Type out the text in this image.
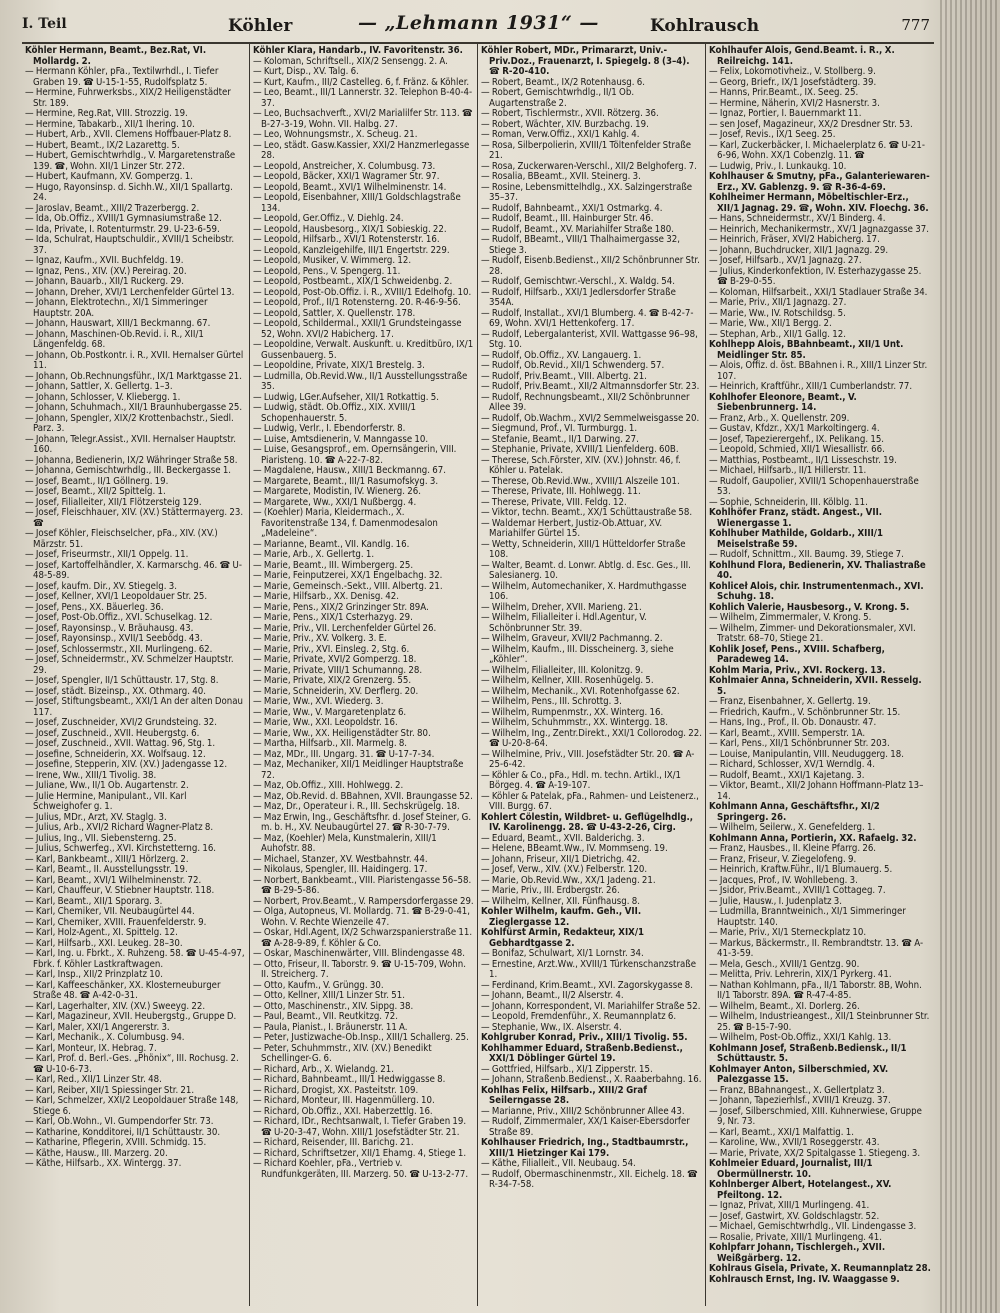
I. Teil	Köhler	— „Lehmann 1931“ —	Kohlrausch	777

Köhler Hermann, Beamt., Bez.Rat, VI. Mollardg. 2.

— Hermann Köhler, pFa., Textilwrhdl., I. Tiefer Graben 19. ☎ U-15-1-55, Rudolfsplatz 5.

— Hermine, Fuhrwerksbs., XIX/2 Heiligenstädter Str. 189.

— Hermine, Reg.Rat, VIII. Strozzig. 19.

— Hermine, Tabakarb., XII/1 Ihering. 10.

— Hubert, Arb., XVII. Clemens Hoffbauer-Platz 8.

— Hubert, Beamt., IX/2 Lazarettg. 5.

— Hubert, Gemischtwrhdlg., V. Margaretenstraße 139. ☎, Wohn. XII/1 Linzer Str. 272.

— Hubert, Kaufmann, XV. Gomperzg. 1.

— Hugo, Rayonsinsp. d. Sichh.W., XII/1 Spallartg. 24.

— Jaroslav, Beamt., XIII/2 Trazerbergg. 2.

— Ida, Ob.Offiz., XVIII/1 Gymnasiumstraße 12.

— Ida, Private, I. Rotenturmstr. 29. U-23-6-59.

— Ida, Schulrat, Hauptschuldir., XVIII/1 Scheibstr. 37.

— Ignaz, Kaufm., XVII. Buchfeldg. 19.

— Ignaz, Pens., XIV. (XV.) Pereirag. 20.

— Johann, Bauarb., XII/1 Ruckerg. 29.

— Johann, Dreher, XVI/1 Lerchenfelder Gürtel 13.

— Johann, Elektrotechn., XI/1 Simmeringer Hauptstr. 20A.

— Johann, Hauswart, XIII/1 Beckmanng. 67.

— Johann, Maschinen-Ob.Revid. i. R., XII/1 Längenfeldg. 68.

— Johann, Ob.Postkontr. i. R., XVII. Hernalser Gürtel 11.

— Johann, Ob.Rechnungsführ., IX/1 Marktgasse 21.

— Johann, Sattler, X. Gellertg. 1–3.

— Johann, Schlosser, V. Kliebergg. 1.

— Johann, Schuhmach., XII/1 Braunhubergasse 25.

— Johann, Spengler, XIX/2 Krottenbachstr., Siedl. Parz. 3.

— Johann, Telegr.Assist., XVII. Hernalser Hauptstr. 160.

— Johanna, Bedienerin, IX/2 Währinger Straße 58.

— Johanna, Gemischtwrhdlg., III. Beckergasse 1.

— Josef, Beamt., II/1 Göllnerg. 19.

— Josef, Beamt., XII/2 Spittelg. 1.

— Josef, Filialleiter, XII/1 Flötzersteig 129.

— Josef, Fleischhauer, XIV. (XV.) Stättermayerg. 23. ☎

— Josef Köhler, Fleischselcher, pFa., XIV. (XV.) Märzstr. 51.

— Josef, Friseurmstr., XII/1 Oppelg. 11.

— Josef, Kartoffelhändler, X. Karmarschg. 46. ☎ U-48-5-89.

— Josef, kaufm. Dir., XV. Stiegelg. 3.

— Josef, Kellner, XVI/1 Leopoldauer Str. 25.

— Josef, Pens., XX. Bäuerleg. 36.

— Josef, Post-Ob.Offiz., XVI. Schuselkag. 12.

— Josef, Rayonsinsp., V. Bräuhausg. 43.

— Josef, Rayonsinsp., XVII/1 Seebödg. 43.

— Josef, Schlossermstr., XII. Murlingeng. 62.

— Josef, Schneidermstr., XV. Schmelzer Hauptstr. 29.

— Josef, Spengler, II/1 Schüttaustr. 17, Stg. 8.

— Josef, städt. Bizeinsp., XX. Othmarg. 40.

— Josef, Stiftungsbeamt., XXI/1 An der alten Donau 117.

— Josef, Zuschneider, XVI/2 Grundsteing. 32.

— Josef, Zuschneid., XVII. Heubergstg. 6.

— Josef, Zuschneid., XVII. Wattag. 96, Stg. 1.

— Josefine, Schneiderin, XX. Wolfsaug. 12.

— Josefine, Stepperin, XIV. (XV.) Jadengasse 12.

— Irene, Ww., XIII/1 Tivolig. 38.

— Juliane, Ww., II/1 Ob. Augartenstr. 2.

— Julie Hermine, Manipulant., VII. Karl Schweighofer g. 1.

— Julius, MDr., Arzt, XV. Staglg. 3.

— Julius, Arb., XVI/2 Richard Wagner-Platz 8.

— Julius, Ing., VII. Siebensterng. 25.

— Julius, Schwerfeg., XVI. Kirchstetterng. 16.

— Karl, Bankbeamt., XIII/1 Hörlzerg. 2.

— Karl, Beamt., II. Ausstellungsstr. 19.

— Karl, Beamt., XVI/1 Wilhelminenstr. 72.

— Karl, Chauffeur, V. Stiebner Hauptstr. 118.

— Karl, Beamt., XII/1 Sporarg. 3.

— Karl, Chemiker, VII. Neubaugürtel 44.

— Karl, Chemiker, XVIII. Frauenfelderstr. 9.

— Karl, Holz-Agent., XI. Spittelg. 12.

— Karl, Hilfsarb., XXI. Leukeg. 28–30.

— Karl, Ing. u. Fbrkt., X. Ruhzeng. 58. ☎ U-45-4-97, Fbrk. f. Köhler Lastkraftwagen.

— Karl, Insp., XII/2 Prinzplatz 10.

— Karl, Kaffeeschänker, XX. Klosterneuburger Straße 48. ☎ A-42-0-31.

— Karl, Lagerhalter, XIV. (XV.) Sweeyg. 22.

— Karl, Magazineur, XVII. Heubergstg., Gruppe D.

— Karl, Maler, XXI/1 Angererstr. 3.

— Karl, Mechanik., X. Columbusg. 94.

— Karl, Monteur, IX. Hebrag. 7.

— Karl, Prof. d. Berl.-Ges. „Phönix“, III. Rochusg. 2. ☎ U-10-6-73.

— Karl, Red., XII/1 Linzer Str. 48.

— Karl, Reiber, XII/1 Spiessinger Str. 21.

— Karl, Schmelzer, XXI/2 Leopoldauer Straße 148, Stiege 6.

— Karl, Ob.Wohn., VI. Gumpendorfer Str. 73.

— Katharine, Kondditorei, II/1 Schüttaustr. 30.

— Katharine, Pflegerin, XVIII. Schmidg. 15.

— Käthe, Hausw., III. Marzerg. 20.

— Käthe, Hilfsarb., XX. Wintergg. 37.

Köhler Klara, Handarb., IV. Favoritenstr. 36.

— Koloman, Schriftsell., XIX/2 Sensengg. 2. A.

— Kurt, Disp., XV. Talg. 6.

— Kurt, Kaufm., III/2 Castelleg. 6, f. Fränz. & Köhler.

— Leo, Beamt., III/1 Lannerstr. 32. Telephon B-40-4-37.

— Leo, Buchsachverft., XVI/2 Marialilfer Str. 113. ☎ B-27-3-19, Wohn. VII. Halbg. 27.

— Leo, Wohnungsmstr., X. Scheug. 21.

— Leo, städt. Gasw.Kassier, XXI/2 Hanzmerlegasse 28.

— Leopold, Anstreicher, X. Columbusg. 73.

— Leopold, Bäcker, XXI/1 Wagramer Str. 97.

— Leopold, Beamt., XVI/1 Wilhelminenstr. 14.

— Leopold, Eisenbahner, XIII/1 Goldschlagstraße 134.

— Leopold, Ger.Offiz., V. Diehlg. 24.

— Leopold, Hausbesorg., XIX/1 Sobieskig. 22.

— Leopold, Hilfsarb., XVI/1 Rotensterstr. 16.

— Leopold, Kanzleigehilfe, III/1 Engertstr. 229.

— Leopold, Musiker, V. Wimmerg. 12.

— Leopold, Pens., V. Spengerg. 11.

— Leopold, Postbeamt., XIX/1 Schweidenbg. 2.

— Leopold, Post-Ob.Offiz. i. R., XVIII/1 Edelhofg. 10.

— Leopold, Prof., II/1 Rotensterng. 20. R-46-9-56.

— Leopold, Sattler, X. Quellenstr. 178.

— Leopold, Schildermal., XXII/1 Grundsteingasse 52, Wohn. XVI/2 Habicherg. 17.

— Leopoldine, Verwalt. Auskunft. u. Kreditbüro, IX/1 Gussenbauerg. 5.

— Leopoldine, Private, XIX/1 Brestelg. 3.

— Ludmilla, Ob.Revid.Ww., II/1 Ausstellungsstraße 35.

— Ludwig, LGer.Aufseher, XII/1 Rotkattig. 5.

— Ludwig, städt. Ob.Offiz., XIX. XVIII/1 Schopenhauerstr. 5.

— Ludwig, Verlr., I. Ebendorferstr. 8.

— Luise, Amtsdienerin, V. Manngasse 10.

— Luise, Gesangsprof., em. Opernsängerin, VIII. Piaristeng. 10. ☎ A-22-7-82.

— Magdalene, Hausw., XIII/1 Beckmanng. 67.

— Margarete, Beamt., III/1 Rasumofskyg. 3.

— Margarete, Modistin, IV. Wienerg. 26.

— Margarete, Ww., XXI/1 Nußbergg. 4.

— (Koehler) Maria, Kleidermach., X. Favoritenstraße 134, f. Damenmodesalon „Madeleine“.

— Marianne, Beamt., VII. Kandlg. 16.

— Marie, Arb., X. Gellertg. 1.

— Marie, Beamt., III. Wimbergerg. 25.

— Marie, Feinputzerei, XX/1 Engelbachg. 32.

— Marie, Gemeinsch.-Sekt., VIII. Albertg. 21.

— Marie, Hilfsarb., XX. Denisg. 42.

— Marie, Pens., XIX/2 Grinzinger Str. 89A.

— Marie, Pens., XIX/1 Csterhazyg. 29.

— Marie, Priv., VII. Lerchenfelder Gürtel 26.

— Marie, Priv., XV. Volkerg. 3. E.

— Marie, Priv., XVI. Einsleg. 2, Stg. 6.

— Marie, Private, XVI/2 Gomperzg. 18.

— Marie, Private, VIII/1 Schumanng. 28.

— Marie, Private, XIX/2 Grenzerg. 55.

— Marie, Schneiderin, XV. Derflerg. 20.

— Marie, Ww., XVI. Wiederg. 3.

— Marie, Ww., V. Margaretenplatz 6.

— Marie, Ww., XXI. Leopoldstr. 16.

— Marie, Ww., XX. Heiligenstädter Str. 80.

— Martha, Hilfsarb., XII. Marmelg. 8.

— Maz, MDr., III. Ungarg. 31. ☎ U-17-7-34.

— Maz, Mechaniker, XII/1 Meidlinger Hauptstraße 72.

— Maz, Ob.Offiz., XIII. Hohlwegg. 2.

— Maz, Ob.Revid. d. BBahnen, XVII. Braungasse 52.

— Maz, Dr., Operateur i. R., III. Sechskrügelg. 18.

— Maz Erwin, Ing., Geschäftsfhr. d. Josef Steiner, G. m. b. H., XV. Neubaugürtel 27. ☎ R-30-7-79.

— Maz, (Koehler) Mela, Kunstmalerin, XIII/1 Auhofstr. 88.

— Michael, Stanzer, XV. Westbahnstr. 44.

— Nikolaus, Spengler, III. Haidingerg. 17.

— Norbert, Bankbeamt., VIII. Piaristengasse 56–58. ☎ B-29-5-86.

— Norbert, Prov.Beamt., V. Rampersdorfergasse 29.

— Olga, Autopneus, VI. Mollardg. 71. ☎ B-29-0-41, Wohn. V. Rechte Wienzeile 47.

— Oskar, Hdl.Agent, IX/2 Schwarzspanierstraße 11. ☎ A-28-9-89, f. Köhler & Co.

— Oskar, Maschinenwärter, VIII. Blindengasse 48.

— Otto, Friseur, II. Taborstr. 9. ☎ U-15-709, Wohn. II. Streicherg. 7.

— Otto, Kaufm., V. Grüngg. 30.

— Otto, Kellner, XIII/1 Linzer Str. 51.

— Otto, Maschinenstr., XIV. Sippg. 38.

— Paul, Beamt., VII. Reutkitzg. 72.

— Paula, Pianist., I. Bräunerstr. 11 A.

— Peter, Justizwache-Ob.Insp., XIII/1 Schallerg. 25.

— Peter, Schuhmmstr., XIV. (XV.) Benedikt Schellinger-G. 6.

— Richard, Arb., X. Wielandg. 21.

— Richard, Bahnbeamt., III/1 Hedwiggasse 8.

— Richard, Drogist, XX. Pasteitstr. 109.

— Richard, Monteur, III. Hagenmüllerg. 10.

— Richard, Ob.Offiz., XXI. Haberzettlg. 16.

— Richard, IDr., Rechtsanwalt, I. Tiefer Graben 19. ☎ U-20-3-47, Wohn. XIII/1 Josefstädter Str. 21.

— Richard, Reisender, III. Barichg. 21.

— Richard, Schriftsetzer, XII/1 Ehamg. 4, Stiege 1.

— Richard Koehler, pFa., Vertrieb v. Rundfunkgeräten, III. Marzerg. 50. ☎ U-13-2-77.

Köhler Robert, MDr., Primararzt, Univ.-Priv.Doz., Frauenarzt, I. Spiegelg. 8 (3–4). ☎ R-20-410.

— Robert, Beamt., IX/2 Rotenhausg. 6.

— Robert, Gemischtwrhdlg., II/1 Ob. Augartenstraße 2.

— Robert, Tischlermstr., XVII. Rötzerg. 36.

— Robert, Wächter, XIV. Burzbachg. 19.

— Roman, Verw.Offiz., XXI/1 Kahlg. 4.

— Rosa, Silberpolierin, XVIII/1 Töltenfelder Straße 21.

— Rosa, Zuckerwaren-Verschl., XII/2 Belghoferg. 7.

— Rosalia, BBeamt., XVII. Steinerg. 3.

— Rosine, Lebensmittelhdlg., XX. Salzingerstraße 35–37.

— Rudolf, Bahnbeamt., XXI/1 Ostmarkg. 4.

— Rudolf, Beamt., III. Hainburger Str. 46.

— Rudolf, Beamt., XV. Mariahilfer Straße 180.

— Rudolf, BBeamt., VIII/1 Thalhaimergasse 32, Stiege 3.

— Rudolf, Eisenb.Bedienst., XII/2 Schönbrunner Str. 28.

— Rudolf, Gemischtwr.-Verschl., X. Waldg. 54.

— Rudolf, Hilfsarb., XXI/1 Jedlersdorfer Straße 354A.

— Rudolf, Installat., XVI/1 Blumberg. 4. ☎ B-42-7-69, Wohn. XVI/1 Hettenkoferg. 17.

— Rudolf, Lebergalanterist, XVII. Wattgasse 96–98, Stg. 10.

— Rudolf, Ob.Offiz., XV. Langauerg. 1.

— Rudolf, Ob.Revid., XII/1 Schwenderg. 57.

— Rudolf, Priv.Beamt., VIII. Albertg. 21.

— Rudolf, Priv.Beamt., XII/2 Altmannsdorfer Str. 23.

— Rudolf, Rechnungsbeamt., XII/2 Schönbrunner Allee 39.

— Rudolf, Ob.Wachm., XVI/2 Semmelweisgasse 20.

— Siegmund, Prof., VI. Turmburgg. 1.

— Stefanie, Beamt., II/1 Darwing. 27.

— Stephanie, Private, XVIII/1 Lienfelderg. 60B.

— Therese, Sch.Förster, XIV. (XV.) Johnstr. 46, f. Köhler u. Patelak.

— Therese, Ob.Revid.Ww., XVIII/1 Alszeile 101.

— Therese, Private, III. Hohlwegg. 11.

— Therese, Private, VIII. Feldg. 12.

— Viktor, techn. Beamt., XX/1 Schüttaustraße 58.

— Waldemar Herbert, Justiz-Ob.Attuar, XV. Mariahilfer Gürtel 15.

— Wetty, Schneiderin, XIII/1 Hütteldorfer Straße 108.

— Walter, Beamt. d. Lonwr. Abtlg. d. Esc. Ges., III. Salesianerg. 10.

— Wilhelm, Automechaniker, X. Hardmuthgasse 106.

— Wilhelm, Dreher, XVII. Marieng. 21.

— Wilhelm, Filialleiter i. Hdl.Agentur, V. Schönbrunner Str. 39.

— Wilhelm, Graveur, XVII/2 Pachmanng. 2.

— Wilhelm, Kaufm., III. Disscheinerg. 3, siehe „Köhler“.

— Wilhelm, Filialleiter, III. Kolonitzg. 9.

— Wilhelm, Kellner, XIII. Rosenhügelg. 5.

— Wilhelm, Mechanik., XVI. Rotenhofgasse 62.

— Wilhelm, Pens., III. Schrottg. 3.

— Wilhelm, Rumpenmstr., XX. Winterg. 16.

— Wilhelm, Schuhmmstr., XX. Wintergg. 18.

— Wilhelm, Ing., Zentr.Direkt., XXI/1 Collorodog. 22. ☎ U-20-8-64.

— Wilhelmine, Priv., VIII. Josefstädter Str. 20. ☎ A-25-6-42.

— Köhler & Co., pFa., Hdl. m. techn. Artikl., IX/1 Börgeg. 4. ☎ A-19-107.

— Köhler & Patelak, pFa., Rahmen- und Leistenerz., VIII. Burgg. 67.

Kohlert Cölestin, Wildbret- u. Geflügelhdlg., IV. Karolinengg. 28. ☎ U-43-2-26, Cirg.

— Eduard, Beamt., XVII. Balderichg. 3.

— Helene, BBeamt.Ww., IV. Mommseng. 19.

— Johann, Friseur, XII/1 Dietrichg. 42.

— Josef, Verw., XIV. (XV.) Felberstr. 120.

— Marie, Ob.Revid.Ww., XX/1 Jadeng. 21.

— Marie, Priv., III. Erdbergstr. 26.

— Wilhelm, Kellner, XII. Fünfhausg. 8.

Kohler Wilhelm, kaufm. Geh., VII. Zieglergasse 12.

Kohlfürst Armin, Redakteur, XIX/1 Gebhardtgasse 2.

— Bonifaz, Schulwart, XI/1 Lornstr. 34.

— Ernestine, Arzt.Ww., XVIII/1 Türkenschanzstraße 1.

— Ferdinand, Krim.Beamt., XVI. Zagorskygasse 8.

— Johann, Beamt., II/2 Alserstr. 4.

— Johann, Korrespondent, VI. Mariahilfer Straße 52.

— Leopold, Fremdenführ., X. Reumannplatz 6.

— Stephanie, Ww., IX. Alserstr. 4.

Kohlgruber Konrad, Priv., XIII/1 Tivolig. 55.

Kohlhammer Eduard, Straßenb.Bedienst., XXI/1 Döblinger Gürtel 19.

— Gottfried, Hilfsarb., XI/1 Zipperstr. 15.

— Johann, Straßenb.Bedienst., X. Raaberbahng. 16.

Kohlhas Felix, Hilfsarb., XIII/2 Graf Seilerngasse 28.

— Marianne, Priv., XIII/2 Schönbrunner Allee 43.

— Rudolf, Zimmermaler, XX/1 Kaiser-Ebersdorfer Straße 89.

Kohlhauser Friedrich, Ing., Stadtbaumrstr., XIII/1 Hietzinger Kai 179.

— Käthe, Filialleit., VII. Neubaug. 54.

— Rudolf, Obermaschinenmstr., XII. Eichelg. 18. ☎ R-34-7-58.

Kohlhaufer Alois, Gend.Beamt. i. R., X. Reilreichg. 141.

— Felix, Lokomotivheiz., V. Stollberg. 9.

— Georg, Briefr., IX/1 Josefstädterg. 39.

— Hanns, Prir.Beamt., IX. Seeg. 25.

— Hermine, Näherin, XVI/2 Hasnerstr. 3.

— Ignaz, Portier, I. Bauernmarkt 11.

— sen Josef, Magazineur, XX/2 Dresdner Str. 53.

— Josef, Revis., IX/1 Seeg. 25.

— Karl, Zuckerbäcker, I. Michaelerplatz 6. ☎ U-21-6-96, Wohn. XX/1 Cobenzlg. 11. ☎

— Ludwig, Priv., I. Lunkaukg. 10.

Kohlhauser & Smutny, pFa., Galanteriewaren-Erz., XV. Gablenzg. 9. ☎ R-36-4-69.

Kohlheimer Hermann, Möbeltischler-Erz., XII/1 Jagnag. 29. ☎, Wohn. XIV. Floechg. 36.

— Hans, Schneidermstr., XV/1 Binderg. 4.

— Heinrich, Mechanikermstr., XV/1 Jagnazgasse 37.

— Heinrich, Fräser, XVI/2 Habicherg. 17.

— Johann, Buchdrucker, XII/1 Jagnazg. 29.

— Josef, Hilfsarb., XV/1 Jagnazg. 27.

— Julius, Kinderkonfektion, IV. Esterhazygasse 25. ☎ B-29-0-55.

— Koloman, Hilfsarbeit., XXI/1 Stadlauer Straße 34.

— Marie, Priv., XII/1 Jagnazg. 27.

— Marie, Ww., IV. Rotschildsg. 5.

— Marie, Ww., XII/1 Bergg. 2.

— Stephan, Arb., XII/1 Gallg. 12.

Kohlhepp Alois, BBahnbeamt., XII/1 Unt. Meidlinger Str. 85.

— Alois, Offiz. d. öst. BBahnen i. R., XIII/1 Linzer Str. 107.

— Heinrich, Kraftführ., XIII/1 Cumberlandstr. 77.

Kohlhofer Eleonore, Beamt., V. Siebenbrunnerg. 14.

— Franz, Arb., X. Quellenstr. 209.

— Gustav, Kfdzr., XX/1 Markoltingerg. 4.

— Josef, Tapezierergehf., IX. Pelikang. 15.

— Leopold, Schmied, XII/1 Wiesallistr. 66.

— Matthias, Postbeamt., II/1 Lisseschstr. 19.

— Michael, Hilfsarb., II/1 Hillerstr. 11.

— Rudolf, Gaupolier, XVIII/1 Schopenhauerstraße 53.

— Sophie, Schneiderin, III. Kölblg. 11.

Kohlhöfer Franz, städt. Angest., VII. Wienergasse 1.

Kohlhuber Mathilde, Goldarb., XIII/1 Meiselstraße 59.

— Rudolf, Schnittm., XII. Baumg. 39, Stiege 7.

Kohlhund Flora, Bedienerin, XV. Thaliastraße 40.

Kohliceł Alois, chir. Instrumentenmach., XVI. Schuhg. 18.

Kohlich Valerie, Hausbesorg., V. Krong. 5.

— Wilhelm, Zimmermaler, V. Krong. 5.

— Wilhelm, Zimmer- und Dekorationsmaler, XVI. Tratstr. 68–70, Stiege 21.

Kohlik Josef, Pens., XVIII. Schafberg, Paradeweg 14.

Kohlm Maria, Priv., XVI. Rockerg. 13.

Kohlmaier Anna, Schneiderin, XVII. Resselg. 5.

— Franz, Eisenbahner, X. Gellertg. 19.

— Friedrich, Kaufm., V. Schönbrunner Str. 15.

— Hans, Ing., Prof., II. Ob. Donaustr. 47.

— Karl, Beamt., XVIII. Semperstr. 1A.

— Karl, Pens., XII/1 Schönbrunner Str. 203.

— Louise, Manipulantin, VIII. Neuduggerg. 18.

— Richard, Schlosser, XV/1 Werndlg. 4.

— Rudolf, Beamt., XXI/1 Kajetang. 3.

— Viktor, Beamt., XII/2 Johann Hoffmann-Platz 13–14.

Kohlmann Anna, Geschäftsfhr., XI/2 Springerg. 26.

— Wilhelm, Seilerw., X. Genefelderg. 1.

Kohlmann Anna, Portierin, XX. Rafaelg. 32.

— Franz, Hausbes., II. Kleine Pfarrg. 26.

— Franz, Friseur, V. Ziegelofeng. 9.

— Heinrich, Kraftw.Führ., II/1 Blumauerg. 5.

— Jacques, Prof., IV. Wohllebeng. 3.

— Jsidor, Priv.Beamt., XVIII/1 Cottageg. 7.

— Julie, Hausw., I. Judenplatz 3.

— Ludmilla, Branntweinich., XI/1 Simmeringer Hauptstr. 140.

— Marie, Priv., XI/1 Sterneckplatz 10.

— Markus, Bäckermstr., II. Rembrandtstr. 13. ☎ A-41-3-59.

— Mela, Gesch., XVIII/1 Gentzg. 90.

— Melitta, Priv. Lehrerin, XIX/1 Pyrkerg. 41.

— Nathan Kohlmann, pFa., II/1 Taborstr. 8B, Wohn. II/1 Taborstr. 89A. ☎ R-47-4-85.

— Wilhelm, Beamt., XI. Dorlerg. 26.

— Wilhelm, Industrieangest., XII/1 Steinbrunner Str. 25. ☎ B-15-7-90.

— Wilhelm, Post-Ob.Offiz., XXI/1 Kahlg. 13.

Kohlmann Josef, Straßenb.Bediensk., II/1 Schüttaustr. 5.

Kohlmayer Anton, Silberschmied, XV. Palezgasse 15.

— Franz, BBahnangest., X. Gellertplatz 3.

— Johann, Tapezierhlsf., XVIII/1 Kreuzg. 37.

— Josef, Silberschmied, XIII. Kuhnerwiese, Gruppe 9, Nr. 73.

— Karl, Beamt., XXI/1 Malfattig. 1.

— Karoline, Ww., XVII/1 Roseggerstr. 43.

— Marie, Private, XX/2 Spitalgasse 1. Stiegeng. 3.

Kohlmeier Eduard, Journalist, III/1 Obermüllnerstr. 10.

Kohlnberger Albert, Hotelangest., XV. Pfeiltong. 12.

— Ignaz, Privat, XIII/1 Murlingeng. 41.

— Josef, Gastwirt, XV. Goldschlagstr. 52.

— Michael, Gemischtwrhdlg., VII. Lindengasse 3.

— Rosalie, Private, XIII/1 Murlingeng. 41.

Kohlpfarr Johann, Tischlergeh., XVII. Weißgärberg. 12.

Kohlraus Gisela, Private, X. Reumannplatz 28.

Kohlrausch Ernst, Ing. IV. Waaggasse 9.
